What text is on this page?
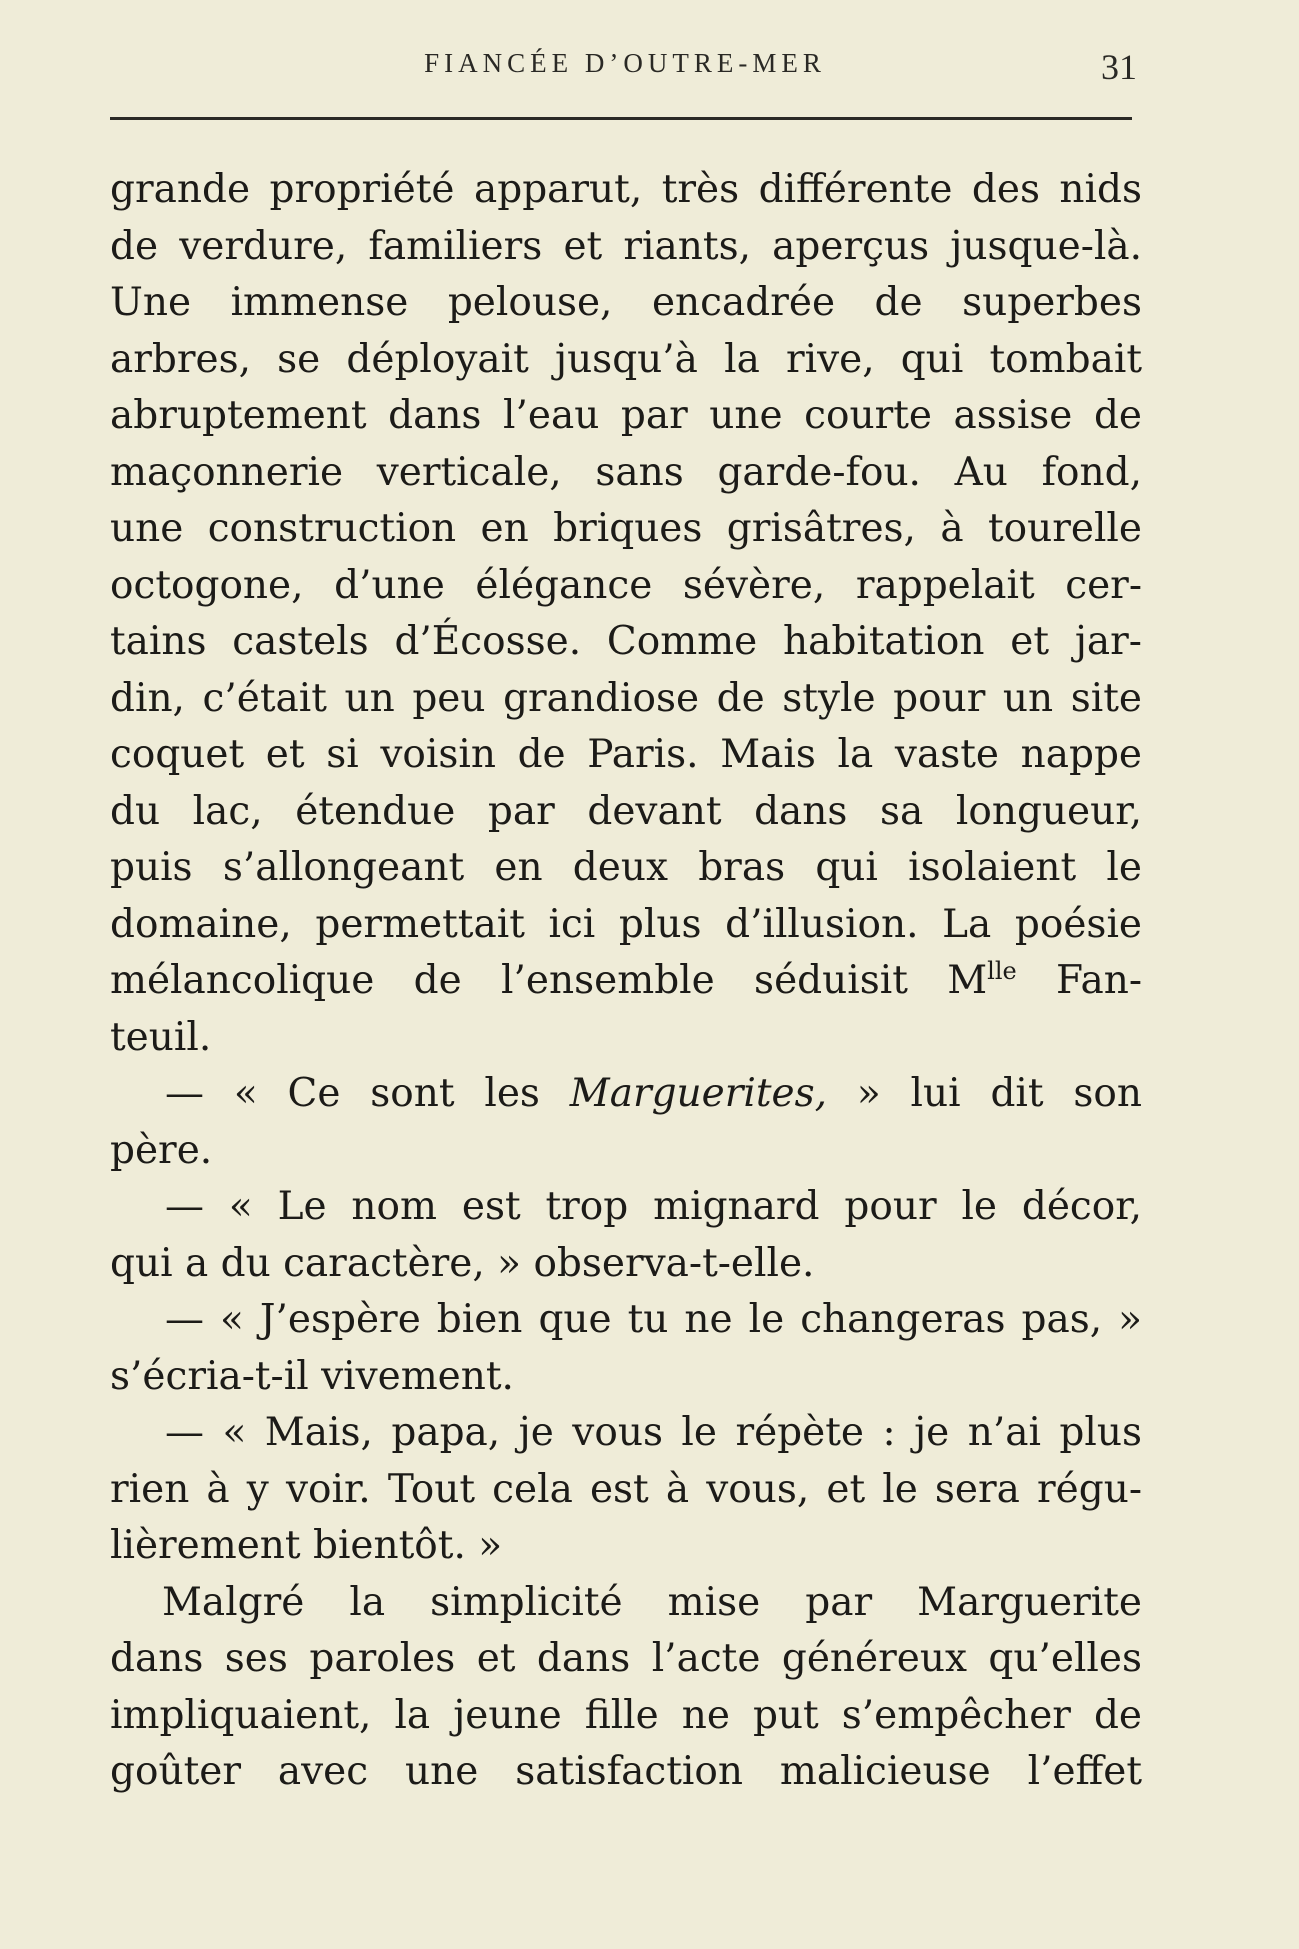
FIANCÉE D’OUTRE-MER	31
grande propriété apparut, très différente des nids
de verdure, familiers et riants, aperçus jusque-là.
Une immense pelouse, encadrée de superbes
arbres, se déployait jusqu’à la rive, qui tombait
abruptement dans l’eau par une courte assise de
maçonnerie verticale, sans garde-fou. Au fond,
une construction en briques grisâtres, à tourelle
octogone, d’une élégance sévère, rappelait cer-
tains castels d’Écosse. Comme habitation et jar-
din, c’était un peu grandiose de style pour un site
coquet et si voisin de Paris. Mais la vaste nappe
du lac, étendue par devant dans sa longueur,
puis s’allongeant en deux bras qui isolaient le
domaine, permettait ici plus d’illusion. La poésie
mélancolique de l’ensemble séduisit $M^{lle}$ Fan-
teuil.
— « Ce sont les Marguerites, » lui dit son
père.
— « Le nom est trop mignard pour le décor,
qui a du caractère, » observa-t-elle.
— « J’espère bien que tu ne le changeras pas, »
s’écria-t-il vivement.
— « Mais, papa, je vous le répète : je n’ai plus
rien à y voir. Tout cela est à vous, et le sera régu-
lièrement bientôt. »
Malgré la simplicité mise par Marguerite
dans ses paroles et dans l’acte généreux qu’elles
impliquaient, la jeune fille ne put s’empêcher de
goûter avec une satisfaction malicieuse l’effet
